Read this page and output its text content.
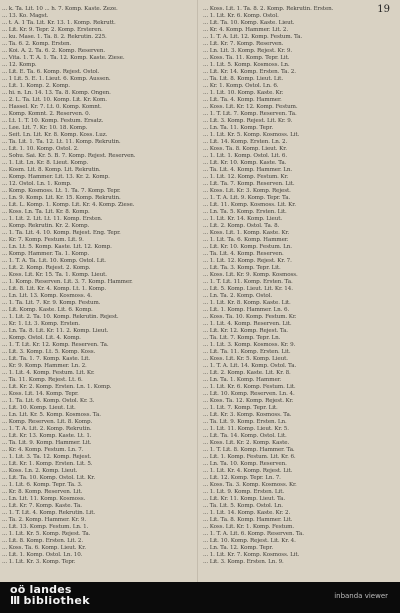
19
... k. Ta. Lit. 10 ... h. 7. Komp. Kaste. Zeze.
... 13. Ko. Magst.
... t. A. 1 Ta. Lit. Kr. 13. 1. Komp. Rekrutt.
... Lit. Kr. 9. Tepr. 2. Komp. Ersteren.
... ku. Mase. 1. Ta. 8. 2. Rekrutin. 225.
... Ta. 6. 2. Komp. Ersten.
... Koi. A. 2. Ta. 6. 2. Komp. Reserven.
... Vita. 1. T. A. 1. Ta. 12. Komp. Kaste. Ziese.
... 12. Komp.
... Lit. E. Ta. 6. Komp. Rejest. Ostol.
... 1 Lit. 5. E. 1. Lieut. 6. Komp. Aussen.
... Lit. 1. Komp. 2. Komp.
... hi. n. Ln. 14. 13. Ta. 8. Komp. Ongen.
... 2. L. Ta. Lit. 10. Komp. Lit. Kr. Kom.
... Hassel. Kr. 7. Lt. 0. Komp. Komnt.
... Komp. Komnt. 2. Reserven. 0.
... Lt. 1. T. 10. Komp. Festum. Ersatz.
... Lee. Lit. 7. Kr. 10. 18. Komp.
... Seit. Ln. Lit. Kr. 8. Komp. Koss. Luz.
... Ta. Lit. 1. Ta. 12. Lt. 11. Komp. Rekrutin.
... Lit. 1. 10. Komp. Ostol. 2.
... Sohu. Sai. Kr. 5. B. 7. Komp. Rejest. Reserven.
... 1. Lit. Ln. Kr. 8. Lieut. Komp.
... Kosm. Lit. 8. Komp. Lit. Rekrutin.
... Komp. Hammer. Lit. 13. Kr. 2. Komp.
... 12. Ostol. Ln. 1. Komp.
... Komp. Kosmoss. Lt. 1. Ta. 7. Komp. Tepr.
... Ln. 9. Komp. Lit. Kr. 15. Komp. Rekrutin.
... Lit. L. Komp. 1. Komp. Lit. Kr. 4. Komp. Ziese.
... Koss. Ln. Ta. Lit. Kr. 8. Komp.
... 1. Lit. 2. Lit. Lt. 11. Komp. Ersten.
... Komp. Rekrutin. Kr. 2. Komp.
... 1. Ta. Lit. 4. 10. Komp. Rejest. Eng. Tepr.
... Kr. 7. Komp. Festum. Lit. 9.
... Ln. Lt. 5. Komp. Kaste. Lit. 12. Komp.
... Komp. Hammer. Ta. 1. Komp.
... 1. T. A. Ta. Lit. 10. Komp. Ostol. Lit.
... Lit. 2. Komp. Rejest. 2. Komp.
... Koss. Lit. Kr. 15. Ta. 1. Komp. Lieut.
... 1. Komp. Reserven. Lit. 3. 7. Komp. Hammer.
... Lit. 8. Lit. Kr. 4. Komp. Lt. 1. Komp.
... Ln. Lit. 13. Komp. Kosmoss. 4.
... 1. Ta. Lit. 7. Kr. 9. Komp. Festum.
... Lit. Komp. Kaste. Lit. 6. Komp.
... 1. Lit. 2. Ta. 10. Komp. Rekrutin. Rejest.
... Kr. 1. Lt. 3. Komp. Ersten.
... Ln. Ta. 8. Lit. Kr. 11. 2. Komp. Lieut.
... Komp. Ostol. Lit. 4. Komp.
... 1. T. Lit. Kr. 12. Komp. Reserven. Ta.
... Lit. 3. Komp. Lt. 5. Komp. Koss.
... Lit. Ta. 1. 7. Komp. Kaste. Lit.
... Kr. 9. Komp. Hammer. Ln. 2.
... 1. Lit. 4. Komp. Festum. Lit. Kr.
... Ta. 11. Komp. Rejest. Lt. 6.
... Lit. Kr. 2. Komp. Ersten. Ln. 1. Komp.
... Koss. Lit. 14. Komp. Tepr.
... 1. Ta. Lit. 6. Komp. Ostol. Kr. 3.
... Lit. 10. Komp. Lieut. Lit.
... Ln. Lit. Kr. 5. Komp. Kosmoss. Ta.
... Komp. Reserven. Lit. 8. Komp.
... 1. T. A. Lit. 2. Komp. Rekrutin.
... Lit. Kr. 13. Komp. Kaste. Lt. 1.
... Ta. Lit. 9. Komp. Hammer. Lit.
... Kr. 4. Komp. Festum. Ln. 7.
... 1. Lit. 3. Ta. 12. Komp. Rejest.
... Lit. Kr. 1. Komp. Ersten. Lit. 5.
... Koss. Ln. 2. Komp. Lieut.
... Lit. Ta. 10. Komp. Ostol. Lit. Kr.
... 1. Lit. 6. Komp. Tepr. Ta. 3.
... Kr. 8. Komp. Reserven. Lit.
... Ln. Lit. 11. Komp. Kosmoss.
... Lit. Kr. 7. Komp. Kaste. Ta.
... 1. T. Lit. 4. Komp. Rekrutin. Lit.
... Ta. 2. Komp. Hammer. Kr. 9.
... Lit. 13. Komp. Festum. Ln. 1.
... 1. Lit. Kr. 5. Komp. Rejest. Ta.
... Lit. 8. Komp. Ersten. Lit. 2.
... Koss. Ta. 6. Komp. Lieut. Kr.
... Lit. 1. Komp. Ostol. Ln. 10.
... 1. Lit. Kr. 3. Komp. Tepr.
... Koss. Lit. 1. Ta. 8. 2. Komp. Rekrutin. Ersten.
... 1. Lit. Kr. 6. Komp. Ostol.
... Lit. Ta. 10. Komp. Kaste. Lieut.
... Kr. 4. Komp. Hammer. Lit. 2.
... 1. T. A. Lit. 12. Komp. Festum. Ta.
... Lit. Kr. 7. Komp. Reserven.
... Ln. Lit. 3. Komp. Rejest. Kr. 9.
... Koss. Ta. 11. Komp. Tepr. Lit.
... 1. Lit. 5. Komp. Kosmoss. Ln.
... Lit. Kr. 14. Komp. Ersten. Ta. 2.
... Ta. Lit. 8. Komp. Lieut. Lit.
... Kr. 1. Komp. Ostol. Ln. 6.
... 1. Lit. 10. Komp. Kaste. Kr.
... Lit. Ta. 4. Komp. Hammer.
... Koss. Lit. Kr. 12. Komp. Festum.
... 1. T. Lit. 7. Komp. Reserven. Ta.
... Lit. 3. Komp. Rejest. Lit. Kr. 9.
... Ln. Ta. 11. Komp. Tepr.
... 1. Lit. Kr. 5. Komp. Kosmoss. Lit.
... Lit. 14. Komp. Ersten. Ln. 2.
... Koss. Ta. 8. Komp. Lieut. Kr.
... 1. Lit. 1. Komp. Ostol. Lit. 6.
... Lit. Kr. 10. Komp. Kaste. Ta.
... Ta. Lit. 4. Komp. Hammer. Ln.
... 1. Lit. 12. Komp. Festum. Kr.
... Lit. Ta. 7. Komp. Reserven. Lit.
... Koss. Lit. Kr. 3. Komp. Rejest.
... 1. T. A. Lit. 9. Komp. Tepr. Ta.
... Lit. 11. Komp. Kosmoss. Lit. Kr.
... Ln. Ta. 5. Komp. Ersten. Lit.
... 1. Lit. Kr. 14. Komp. Lieut.
... Lit. 2. Komp. Ostol. Ta. 8.
... Koss. Lit. 1. Komp. Kaste. Kr.
... 1. Lit. Ta. 6. Komp. Hammer.
... Lit. Kr. 10. Komp. Festum. Ln.
... Ta. Lit. 4. Komp. Reserven.
... 1. Lit. 12. Komp. Rejest. Kr. 7.
... Lit. Ta. 3. Komp. Tepr. Lit.
... Koss. Lit. Kr. 9. Komp. Kosmoss.
... 1. T. Lit. 11. Komp. Ersten. Ta.
... Lit. 5. Komp. Lieut. Lit. Kr. 14.
... Ln. Ta. 2. Komp. Ostol.
... 1. Lit. Kr. 8. Komp. Kaste. Lit.
... Lit. 1. Komp. Hammer. Ln. 6.
... Koss. Ta. 10. Komp. Festum. Kr.
... 1. Lit. 4. Komp. Reserven. Lit.
... Lit. Kr. 12. Komp. Rejest. Ta.
... Ta. Lit. 7. Komp. Tepr. Ln.
... 1. Lit. 3. Komp. Kosmoss. Kr. 9.
... Lit. Ta. 11. Komp. Ersten. Lit.
... Koss. Lit. Kr. 5. Komp. Lieut.
... 1. T. A. Lit. 14. Komp. Ostol. Ta.
... Lit. 2. Komp. Kaste. Lit. Kr. 8.
... Ln. Ta. 1. Komp. Hammer.
... 1. Lit. Kr. 6. Komp. Festum. Lit.
... Lit. 10. Komp. Reserven. Ln. 4.
... Koss. Ta. 12. Komp. Rejest. Kr.
... 1. Lit. 7. Komp. Tepr. Lit.
... Lit. Kr. 3. Komp. Kosmoss. Ta.
... Ta. Lit. 9. Komp. Ersten. Ln.
... 1. Lit. 11. Komp. Lieut. Kr. 5.
... Lit. Ta. 14. Komp. Ostol. Lit.
... Koss. Lit. Kr. 2. Komp. Kaste.
... 1. T. Lit. 8. Komp. Hammer. Ta.
... Lit. 1. Komp. Festum. Lit. Kr. 6.
... Ln. Ta. 10. Komp. Reserven.
... 1. Lit. Kr. 4. Komp. Rejest. Lit.
... Lit. 12. Komp. Tepr. Ln. 7.
... Koss. Ta. 3. Komp. Kosmoss. Kr.
... 1. Lit. 9. Komp. Ersten. Lit.
... Lit. Kr. 11. Komp. Lieut. Ta.
... Ta. Lit. 5. Komp. Ostol. Ln.
... 1. Lit. 14. Komp. Kaste. Kr. 2.
... Lit. Ta. 8. Komp. Hammer. Lit.
... Koss. Lit. Kr. 1. Komp. Festum.
... 1. T. A. Lit. 6. Komp. Reserven. Ta.
... Lit. 10. Komp. Rejest. Lit. Kr. 4.
... Ln. Ta. 12. Komp. Tepr.
... 1. Lit. Kr. 7. Komp. Kosmoss. Lit.
... Lit. 3. Komp. Ersten. Ln. 9.
oö landes
III bibliothek	inbanda viewer
